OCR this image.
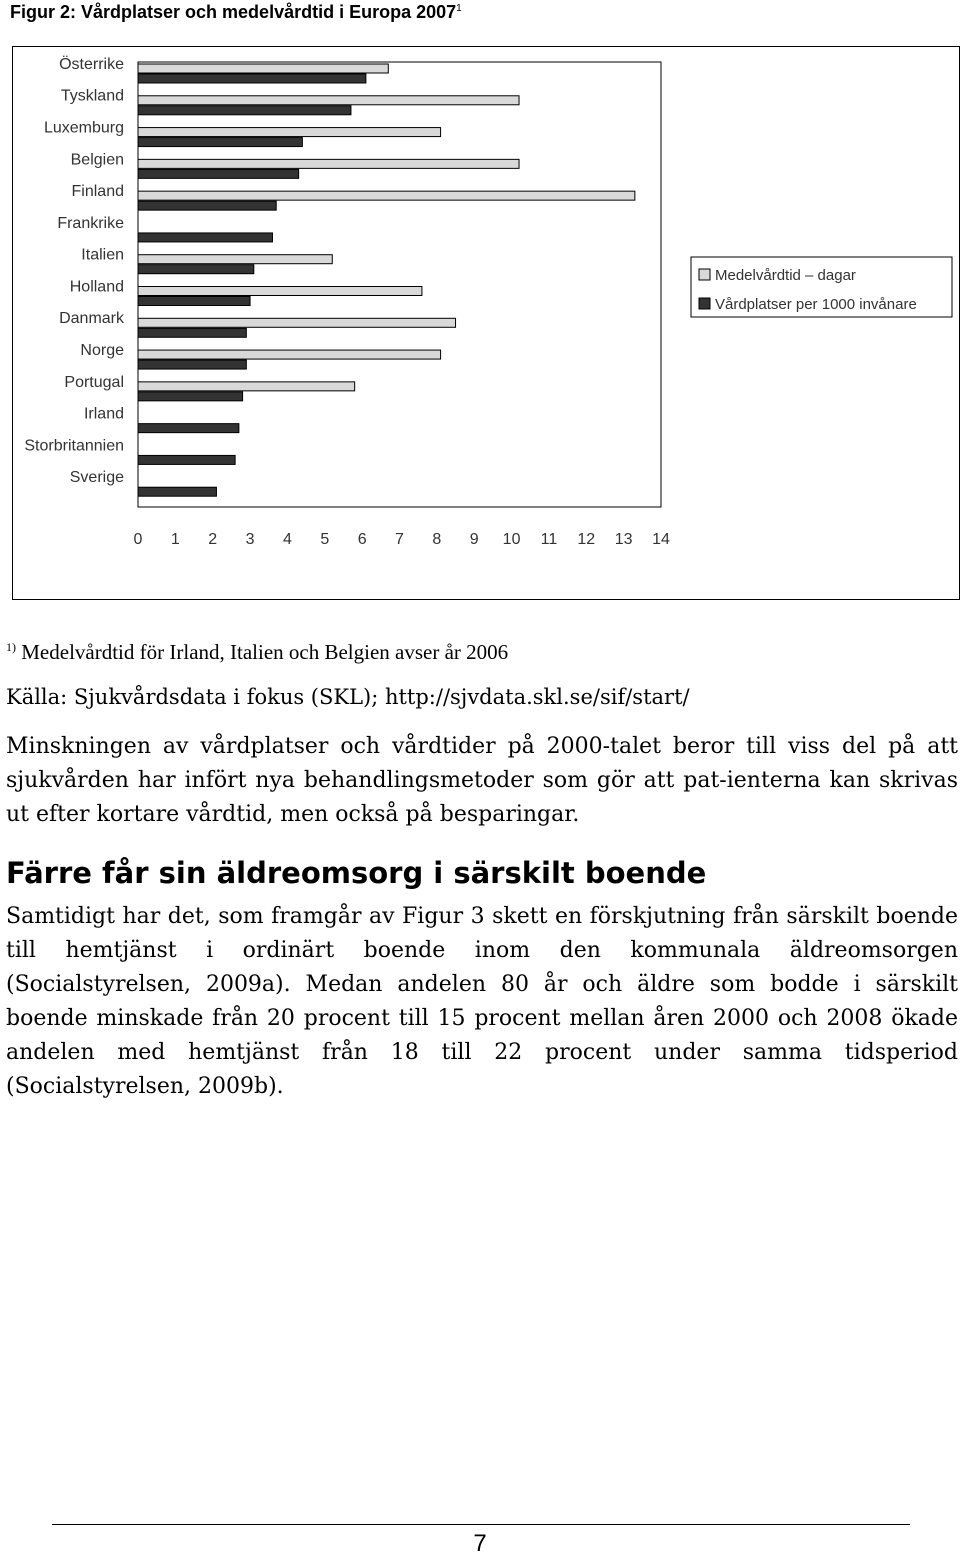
Figur 2: Vårdplatser och medelvårdtid i Europa 2007$^1$
Österrike
Tyskland
Luxemburg
Belgien
Finland
Frankrike
Italien
Holland
Danmark
Norge
Portugal
Irland
Storbritannien
Sverige
0 1 2 3 4 5 6 7 8 9 10 11 12 13 14
Medelvårdtid – dagar
Vårdplatser per 1000 invånare
$^{1)}$ Medelvårdtid för Irland, Italien och Belgien avser år 2006
Källa: Sjukvårdsdata i fokus (SKL); http://sjvdata.skl.se/sif/start/
Minskningen av vårdplatser och vårdtider på 2000-talet beror till viss del på att sjukvården har infört nya behandlingsmetoder som gör att pat-ienterna kan skrivas ut efter kortare vårdtid, men också på besparingar.
Färre får sin äldreomsorg i särskilt boende
Samtidigt har det, som framgår av Figur 3 skett en förskjutning från särskilt boende till hemtjänst i ordinärt boende inom den kommunala äldreomsorgen (Socialstyrelsen, 2009a). Medan andelen 80 år och äldre som bodde i särskilt boende minskade från 20 procent till 15 procent mellan åren 2000 och 2008 ökade andelen med hemtjänst från 18 till 22 procent under samma tidsperiod (Socialstyrelsen, 2009b).
7
